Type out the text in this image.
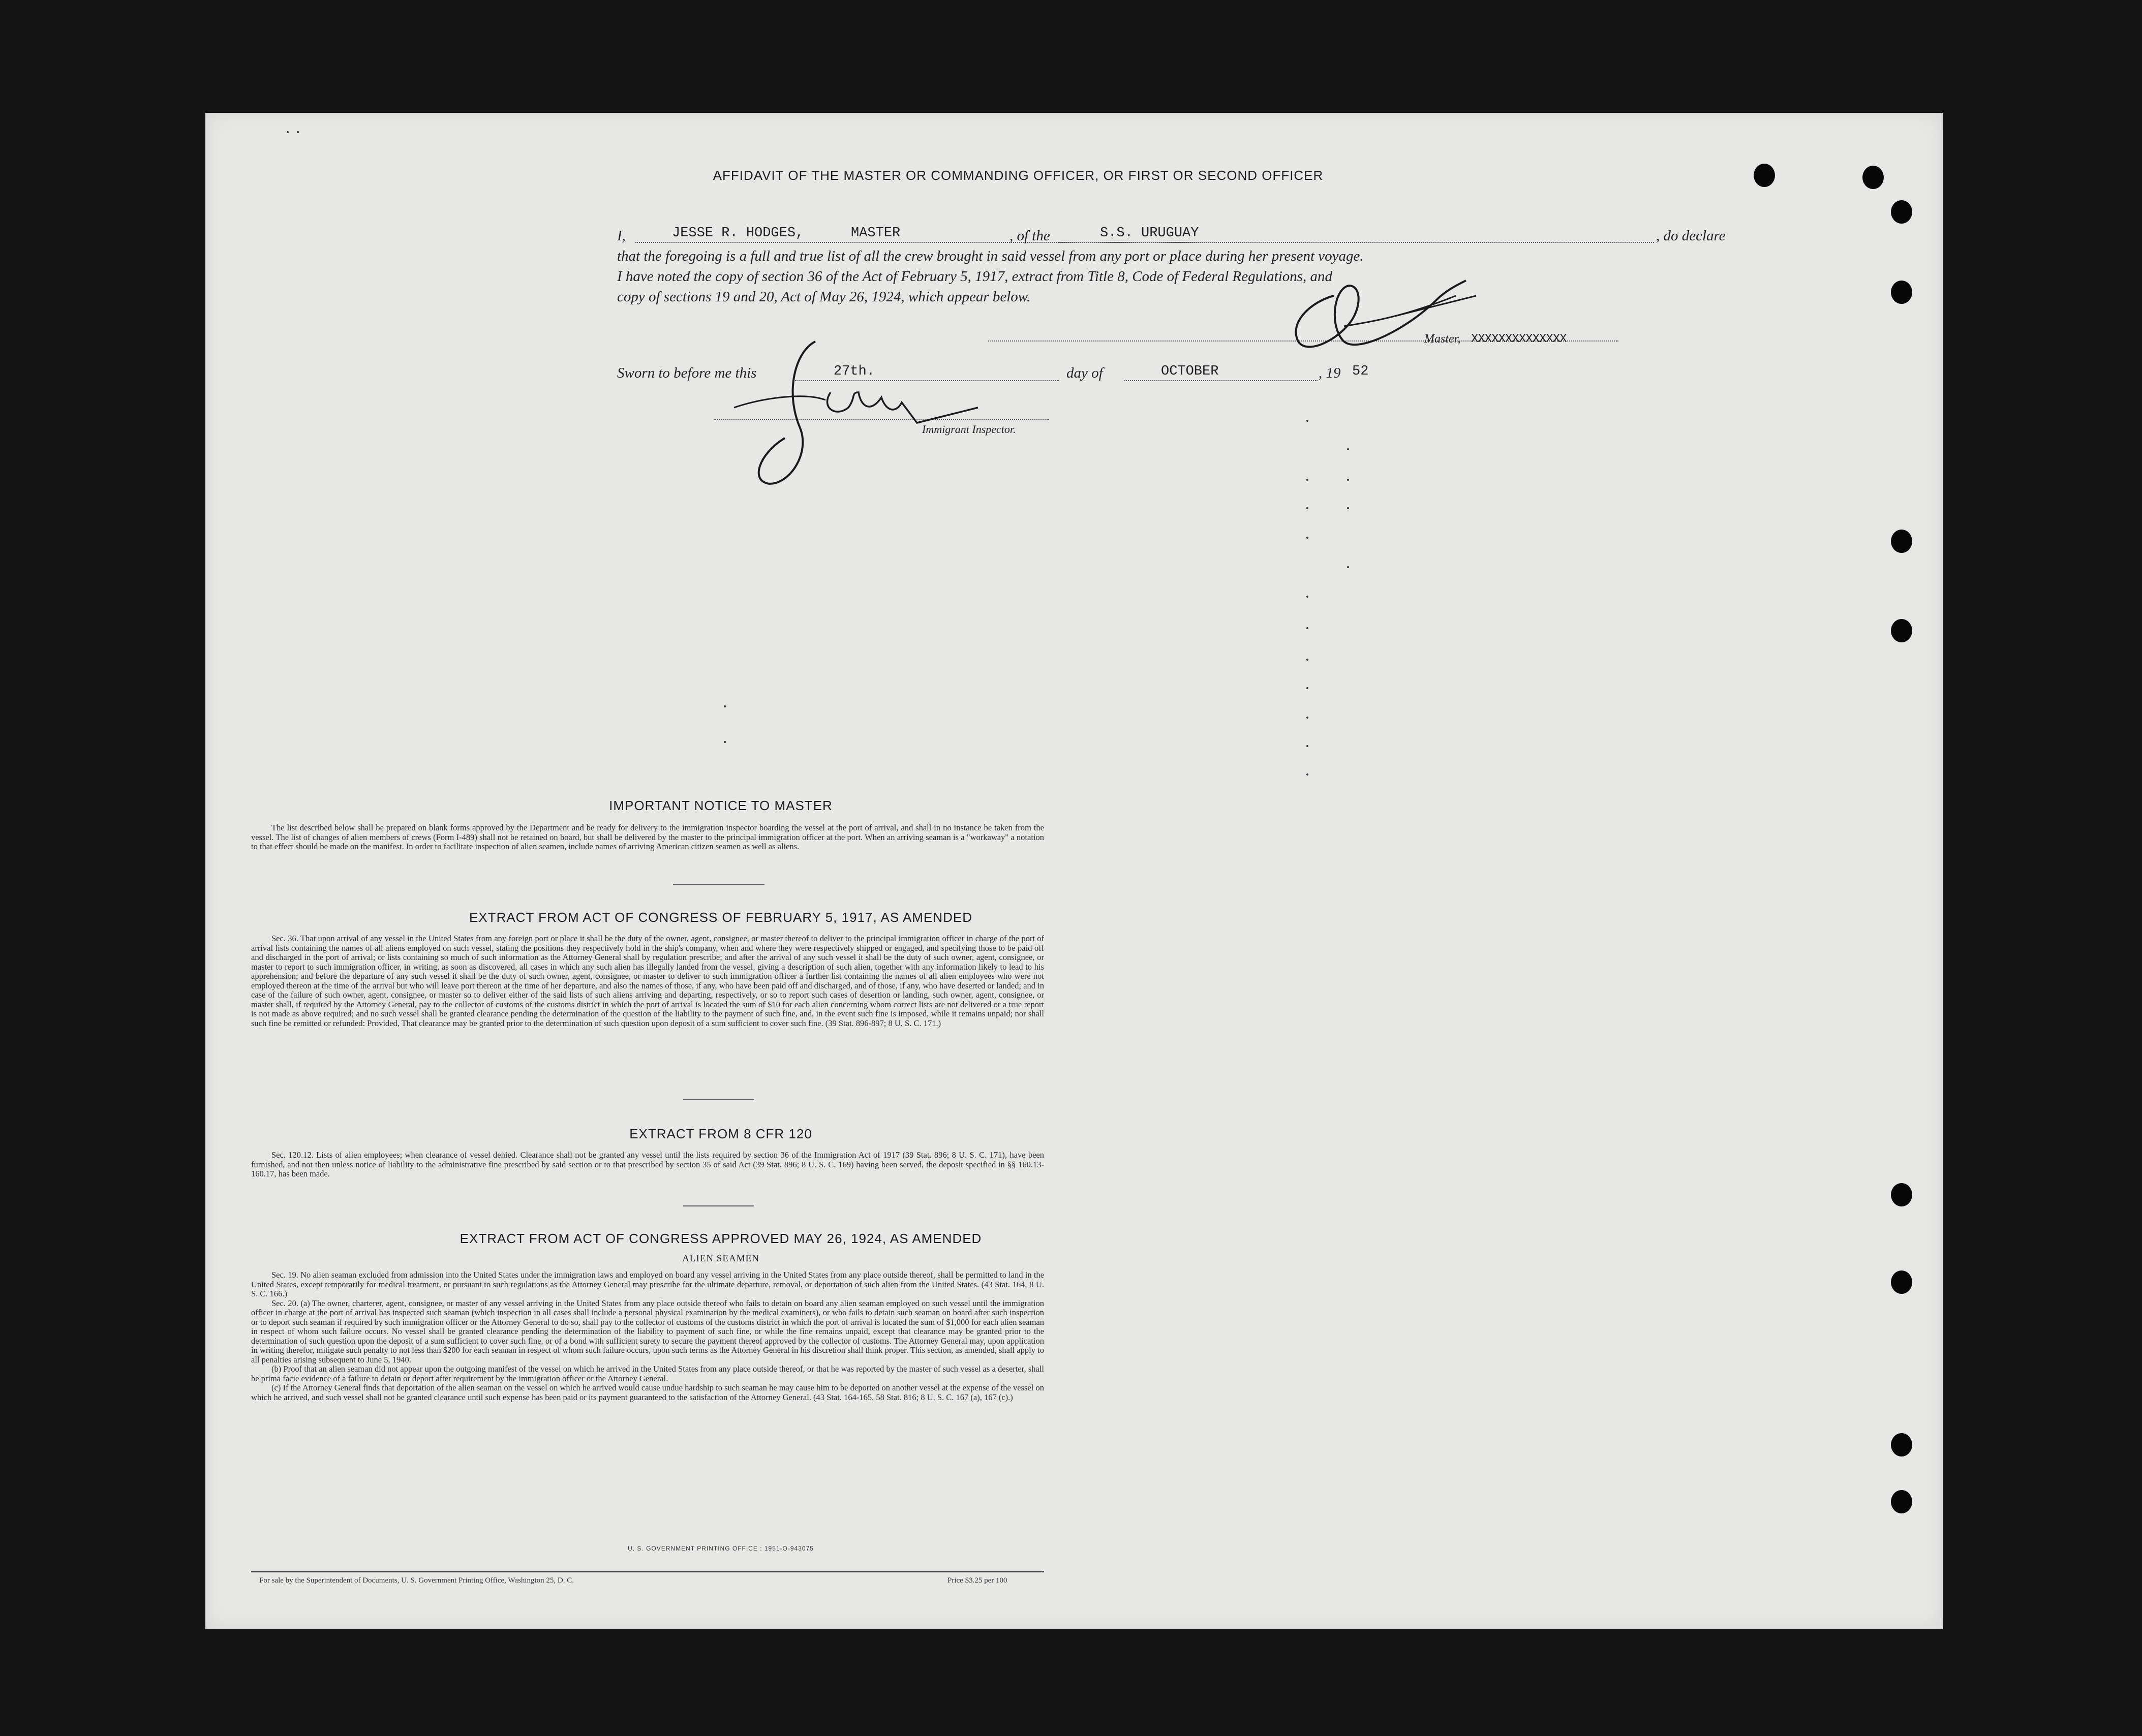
AFFIDAVIT OF THE MASTER OR COMMANDING OFFICER, OR FIRST OR SECOND OFFICER
I,	JESSE R. HODGES,	MASTER	, of the	S.S. URUGUAY	, do declare
that the foregoing is a full and true list of all the crew brought in said vessel from any port or place during her present voyage.
I have noted the copy of section 36 of the Act of February 5, 1917, extract from Title 8, Code of Federal Regulations, and
copy of sections 19 and 20, Act of May 26, 1924, which appear below.
Master, XXXXXXXXXXXXXX
Sworn to before me this	27th.	day of	OCTOBER	, 19 52
Immigrant Inspector.
IMPORTANT NOTICE TO MASTER

The list described below shall be prepared on blank forms approved by the Department and be ready for delivery to the immigration inspector boarding the vessel at the port of arrival, and shall in no instance be taken from the vessel. The list of changes of alien members of crews (Form I-489) shall not be retained on board, but shall be delivered by the master to the principal immigration officer at the port. When an arriving seaman is a "workaway" a notation to that effect should be made on the manifest. In order to facilitate inspection of alien seamen, include names of arriving American citizen seamen as well as aliens.

EXTRACT FROM ACT OF CONGRESS OF FEBRUARY 5, 1917, AS AMENDED

Sec. 36. That upon arrival of any vessel in the United States from any foreign port or place it shall be the duty of the owner, agent, consignee, or master thereof to deliver to the principal immigration officer in charge of the port of arrival lists containing the names of all aliens employed on such vessel, stating the positions they respectively hold in the ship's company, when and where they were respectively shipped or engaged, and specifying those to be paid off and discharged in the port of arrival; or lists containing so much of such information as the Attorney General shall by regulation prescribe; and after the arrival of any such vessel it shall be the duty of such owner, agent, consignee, or master to report to such immigration officer, in writing, as soon as discovered, all cases in which any such alien has illegally landed from the vessel, giving a description of such alien, together with any information likely to lead to his apprehension; and before the departure of any such vessel it shall be the duty of such owner, agent, consignee, or master to deliver to such immigration officer a further list containing the names of all alien employees who were not employed thereon at the time of the arrival but who will leave port thereon at the time of her departure, and also the names of those, if any, who have been paid off and discharged, and of those, if any, who have deserted or landed; and in case of the failure of such owner, agent, consignee, or master so to deliver either of the said lists of such aliens arriving and departing, respectively, or so to report such cases of desertion or landing, such owner, agent, consignee, or master shall, if required by the Attorney General, pay to the collector of customs of the customs district in which the port of arrival is located the sum of $10 for each alien concerning whom correct lists are not delivered or a true report is not made as above required; and no such vessel shall be granted clearance pending the determination of the question of the liability to the payment of such fine, and, in the event such fine is imposed, while it remains unpaid; nor shall such fine be remitted or refunded: Provided, That clearance may be granted prior to the determination of such question upon deposit of a sum sufficient to cover such fine. (39 Stat. 896-897; 8 U. S. C. 171.)

EXTRACT FROM 8 CFR 120

Sec. 120.12. Lists of alien employees; when clearance of vessel denied. Clearance shall not be granted any vessel until the lists required by section 36 of the Immigration Act of 1917 (39 Stat. 896; 8 U. S. C. 171), have been furnished, and not then unless notice of liability to the administrative fine prescribed by said section or to that prescribed by section 35 of said Act (39 Stat. 896; 8 U. S. C. 169) having been served, the deposit specified in §§ 160.13-160.17, has been made.

EXTRACT FROM ACT OF CONGRESS APPROVED MAY 26, 1924, AS AMENDED
ALIEN SEAMEN

Sec. 19. No alien seaman excluded from admission into the United States under the immigration laws and employed on board any vessel arriving in the United States from any place outside thereof, shall be permitted to land in the United States, except temporarily for medical treatment, or pursuant to such regulations as the Attorney General may prescribe for the ultimate departure, removal, or deportation of such alien from the United States. (43 Stat. 164, 8 U. S. C. 166.)

Sec. 20. (a) The owner, charterer, agent, consignee, or master of any vessel arriving in the United States from any place outside thereof who fails to detain on board any alien seaman employed on such vessel until the immigration officer in charge at the port of arrival has inspected such seaman (which inspection in all cases shall include a personal physical examination by the medical examiners), or who fails to detain such seaman on board after such inspection or to deport such seaman if required by such immigration officer or the Attorney General to do so, shall pay to the collector of customs of the customs district in which the port of arrival is located the sum of $1,000 for each alien seaman in respect of whom such failure occurs. No vessel shall be granted clearance pending the determination of the liability to payment of such fine, or while the fine remains unpaid, except that clearance may be granted prior to the determination of such question upon the deposit of a sum sufficient to cover such fine, or of a bond with sufficient surety to secure the payment thereof approved by the collector of customs. The Attorney General may, upon application in writing therefor, mitigate such penalty to not less than $200 for each seaman in respect of whom such failure occurs, upon such terms as the Attorney General in his discretion shall think proper. This section, as amended, shall apply to all penalties arising subsequent to June 5, 1940.

(b) Proof that an alien seaman did not appear upon the outgoing manifest of the vessel on which he arrived in the United States from any place outside thereof, or that he was reported by the master of such vessel as a deserter, shall be prima facie evidence of a failure to detain or deport after requirement by the immigration officer or the Attorney General.

(c) If the Attorney General finds that deportation of the alien seaman on the vessel on which he arrived would cause undue hardship to such seaman he may cause him to be deported on another vessel at the expense of the vessel on which he arrived, and such vessel shall not be granted clearance until such expense has been paid or its payment guaranteed to the satisfaction of the Attorney General. (43 Stat. 164-165, 58 Stat. 816; 8 U. S. C. 167 (a), 167 (c).)

U. S. GOVERNMENT PRINTING OFFICE : 1951-O-943075
For sale by the Superintendent of Documents, U. S. Government Printing Office, Washington 25, D. C.	Price $3.25 per 100
